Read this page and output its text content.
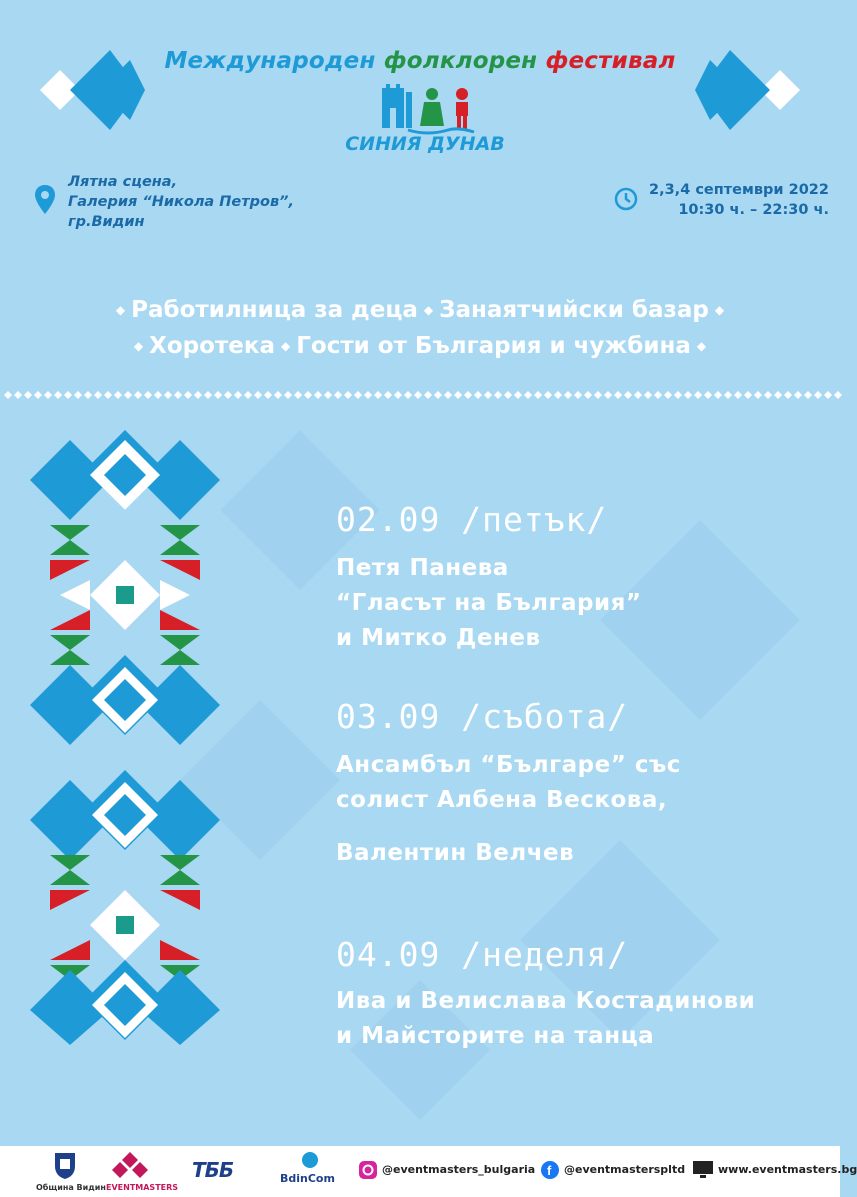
Международен фолклорен фестивал
СИНИЯ ДУНАВ
Лятна сцена,
Галерия “Никола Петров”,
гр.Видин
2,3,4 септември 2022
10:30 ч. – 22:30 ч.
◆ Работилница за деца ◆ Занаятчийски базар ◆
◆ Хоротека ◆ Гости от България и чужбина ◆
02.09 /петък/
Петя Панева
“Гласът на България”
и Митко Денев
03.09 /събота/
Ансамбъл “Българе” със
солист Албена Вескова,
Валентин Велчев
04.09 /неделя/
Ива и Велислава Костадинови
и Майсторите на танца
Община Видин EVENTMASTERS
ТББ	BdinCom
@eventmasters_bulgaria f @eventmasterspltd	www.eventmasters.bg
